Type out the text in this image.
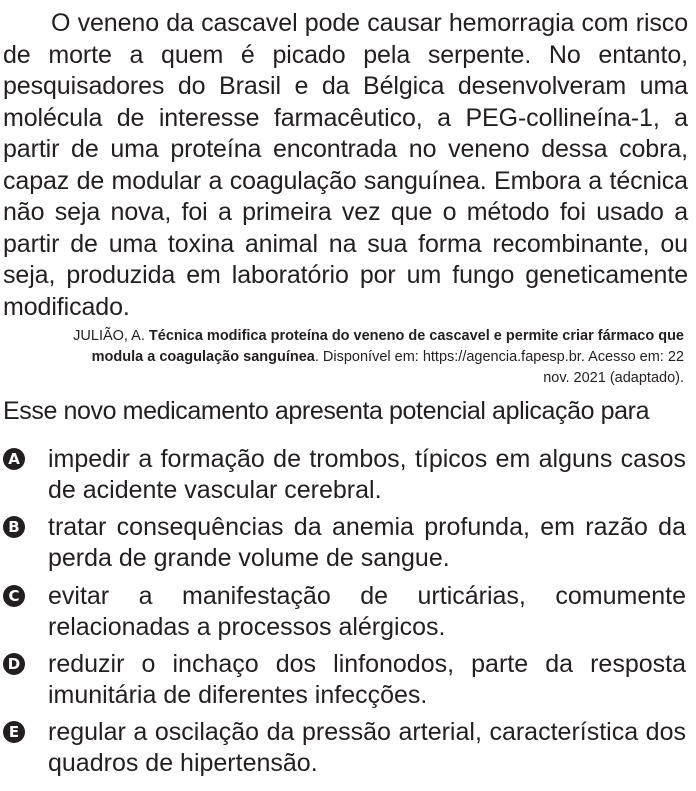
O veneno da cascavel pode causar hemorragia com risco de morte a quem é picado pela serpente. No entanto, pesquisadores do Brasil e da Bélgica desenvolveram uma molécula de interesse farmacêutico, a PEG-collineína-1, a partir de uma proteína encontrada no veneno dessa cobra, capaz de modular a coagulação sanguínea. Embora a técnica não seja nova, foi a primeira vez que o método foi usado a partir de uma toxina animal na sua forma recombinante, ou seja, produzida em laboratório por um fungo geneticamente modificado.

JULIÃO, A. Técnica modifica proteína do veneno de cascavel e permite criar fármaco que modula a coagulação sanguínea. Disponível em: https://agencia.fapesp.br. Acesso em: 22 nov. 2021 (adaptado).

Esse novo medicamento apresenta potencial aplicação para

A impedir a formação de trombos, típicos em alguns casos de acidente vascular cerebral.

B tratar consequências da anemia profunda, em razão da perda de grande volume de sangue.

C evitar a manifestação de urticárias, comumente relacionadas a processos alérgicos.

D reduzir o inchaço dos linfonodos, parte da resposta imunitária de diferentes infecções.

E regular a oscilação da pressão arterial, característica dos quadros de hipertensão.
